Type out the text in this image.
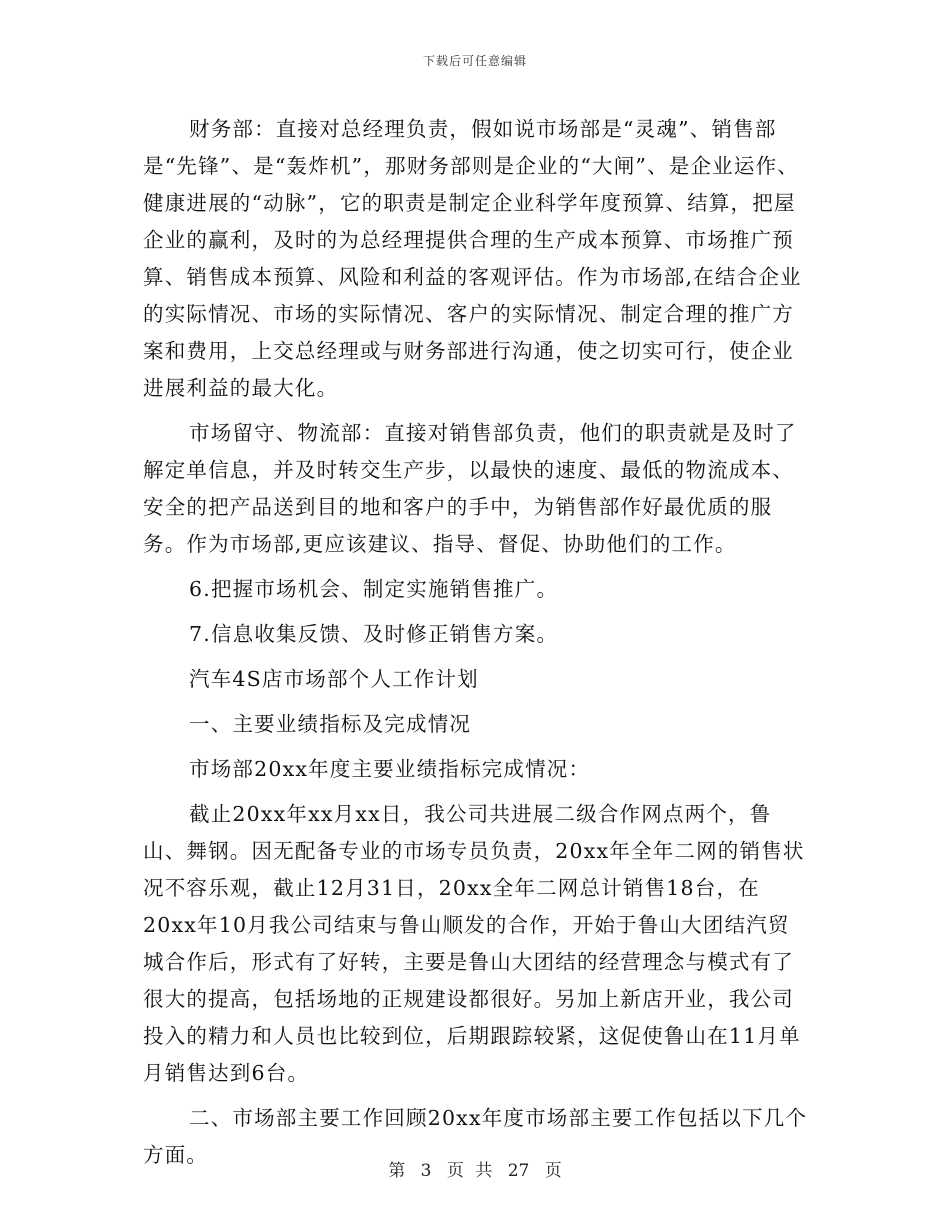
下载后可任意编辑

财务部：直接对总经理负责，假如说市场部是“灵魂”、销售部是“先锋”、是“轰炸机”，那财务部则是企业的“大闸”、是企业运作、健康进展的“动脉”，它的职责是制定企业科学年度预算、结算，把屋企业的赢利，及时的为总经理提供合理的生产成本预算、市场推广预算、销售成本预算、风险和利益的客观评估。作为市场部,在结合企业的实际情况、市场的实际情况、客户的实际情况、制定合理的推广方案和费用，上交总经理或与财务部进行沟通，使之切实可行，使企业进展利益的最大化。

市场留守、物流部：直接对销售部负责，他们的职责就是及时了解定单信息，并及时转交生产步，以最快的速度、最低的物流成本、安全的把产品送到目的地和客户的手中，为销售部作好最优质的服务。作为市场部,更应该建议、指导、督促、协助他们的工作。

6.把握市场机会、制定实施销售推广。

7.信息收集反馈、及时修正销售方案。

汽车4S店市场部个人工作计划

一、主要业绩指标及完成情况

市场部20xx年度主要业绩指标完成情况：

截止20xx年xx月xx日，我公司共进展二级合作网点两个，鲁山、舞钢。因无配备专业的市场专员负责，20xx年全年二网的销售状况不容乐观，截止12月31日，20xx全年二网总计销售18台，在20xx年10月我公司结束与鲁山顺发的合作，开始于鲁山大团结汽贸城合作后，形式有了好转，主要是鲁山大团结的经营理念与模式有了很大的提高，包括场地的正规建设都很好。另加上新店开业，我公司投入的精力和人员也比较到位，后期跟踪较紧，这促使鲁山在11月单月销售达到6台。

二、市场部主要工作回顾20xx年度市场部主要工作包括以下几个方面。

第 3 页 共 27 页
